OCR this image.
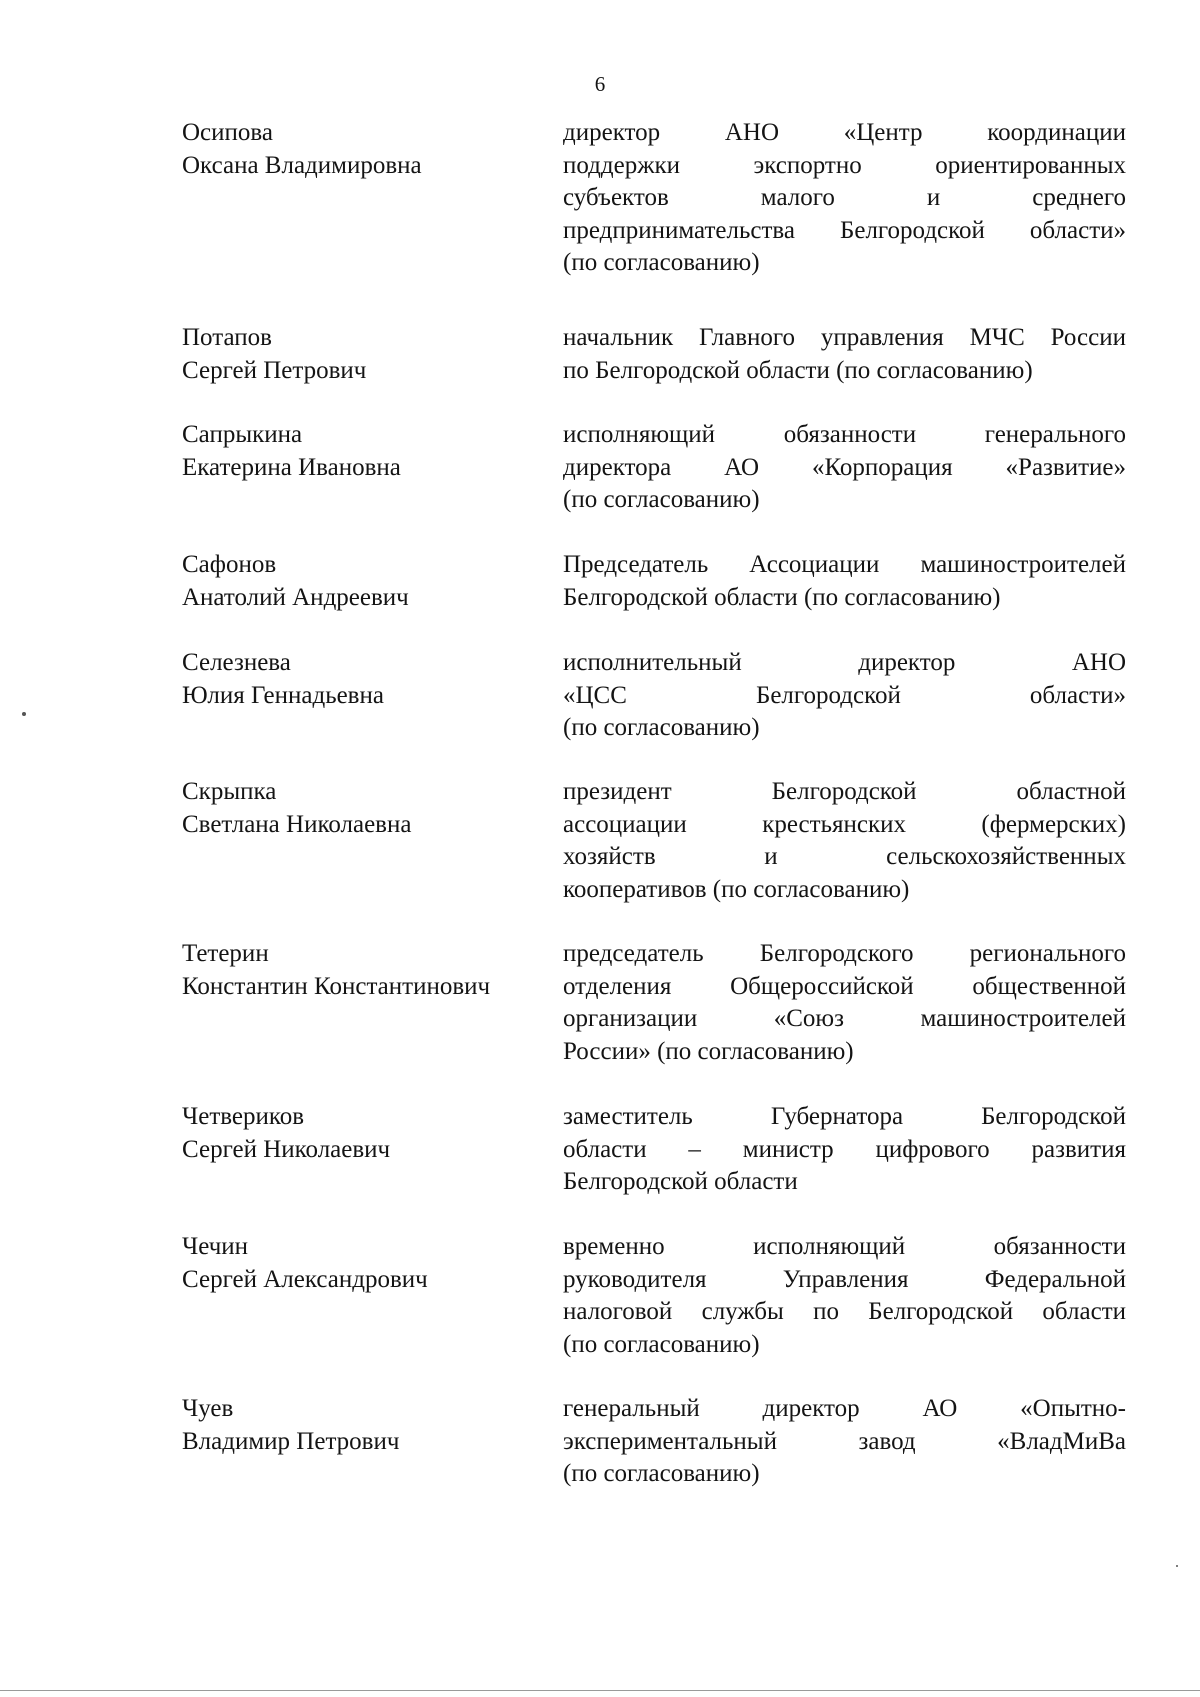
6
Осипова
Оксана Владимировна
директор АНО «Центр координации
поддержки экспортно ориентированных
субъектов малого и среднего
предпринимательства Белгородской области»
(по согласованию)
Потапов
Сергей Петрович
начальник Главного управления МЧС России
по Белгородской области (по согласованию)
Сапрыкина
Екатерина Ивановна
исполняющий обязанности генерального
директора АО «Корпорация «Развитие»
(по согласованию)
Сафонов
Анатолий Андреевич
Председатель Ассоциации машиностроителей
Белгородской области (по согласованию)
Селезнева
Юлия Геннадьевна
исполнительный директор АНО
«ЦСС Белгородской области»
(по согласованию)
Скрыпка
Светлана Николаевна
президент Белгородской областной
ассоциации крестьянских (фермерских)
хозяйств и сельскохозяйственных
кооперативов (по согласованию)
Тетерин
Константин Константинович
председатель Белгородского регионального
отделения Общероссийской общественной
организации «Союз машиностроителей
России» (по согласованию)
Четвериков
Сергей Николаевич
заместитель Губернатора Белгородской
области – министр цифрового развития
Белгородской области
Чечин
Сергей Александрович
временно исполняющий обязанности
руководителя Управления Федеральной
налоговой службы по Белгородской области
(по согласованию)
Чуев
Владимир Петрович
генеральный директор АО «Опытно-
экспериментальный завод «ВладМиВа
(по согласованию)
